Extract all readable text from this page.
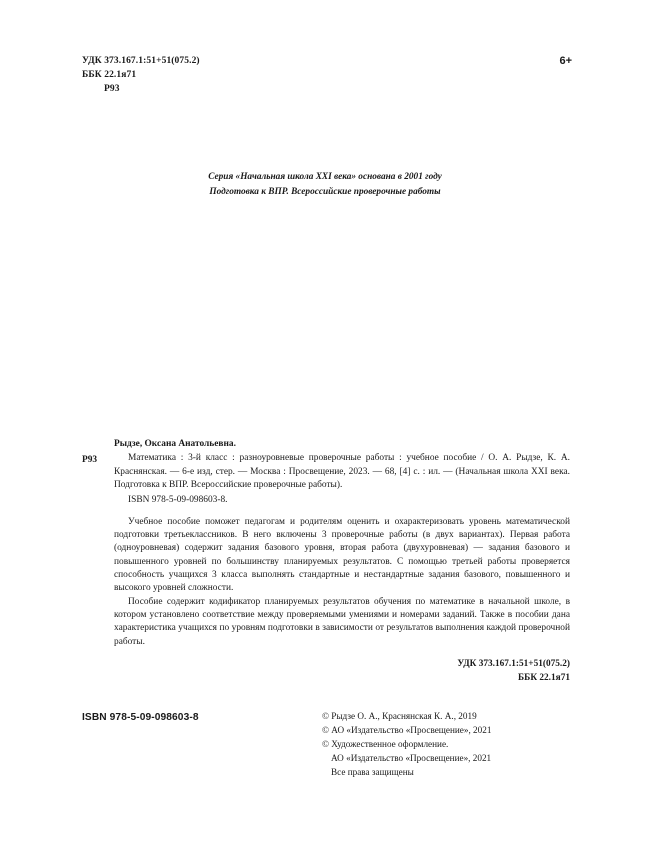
УДК 373.167.1:51+51(075.2)
ББК 22.1я71
Р93
6+
Серия «Начальная школа XXI века» основана в 2001 году
Подготовка к ВПР. Всероссийские проверочные работы
Р93

Рыдзе, Оксана Анатольевна.

Математика : 3-й класс : разноуровневые проверочные работы : учебное пособие / О. А. Рыдзе, К. А. Краснянская. — 6-е изд, стер. — Москва : Просвещение, 2023. — 68, [4] с. : ил. — (Начальная школа XXI века. Подготовка к ВПР. Всероссийские проверочные работы).

ISBN 978-5-09-098603-8.

Учебное пособие поможет педагогам и родителям оценить и охарактеризовать уровень математической подготовки третьеклассников. В него включены 3 проверочные работы (в двух вариантах). Первая работа (одноуровневая) содержит задания базового уровня, вторая работа (двухуровневая) — задания базового и повышенного уровней по большинству планируемых результатов. С помощью третьей работы проверяется способность учащихся 3 класса выполнять стандартные и нестандартные задания базового, повышенного и высокого уровней сложности.

Пособие содержит кодификатор планируемых результатов обучения по математике в начальной школе, в котором установлено соответствие между проверяемыми умениями и номерами заданий. Также в пособии дана характеристика учащихся по уровням подготовки в зависимости от результатов выполнения каждой проверочной работы.

УДК 373.167.1:51+51(075.2)
ББК 22.1я71
ISBN 978-5-09-098603-8	© Рыдзе О. А., Краснянская К. А., 2019
© АО «Издательство «Просвещение», 2021
© Художественное оформление.
АО «Издательство «Просвещение», 2021
Все права защищены
